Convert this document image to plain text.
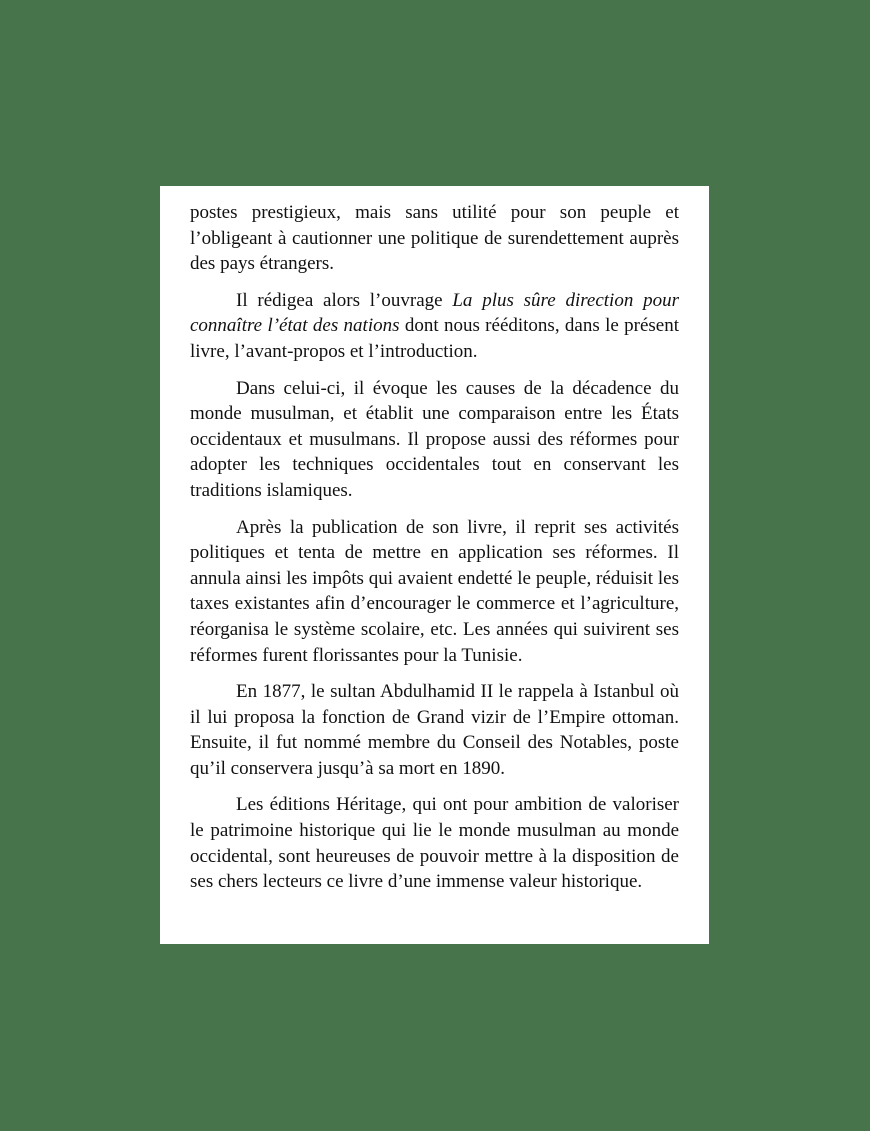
postes prestigieux, mais sans utilité pour son peuple et l’obligeant à cautionner une politique de surendettement auprès des pays étrangers.

Il rédigea alors l’ouvrage La plus sûre direction pour connaître l’état des nations dont nous rééditons, dans le présent livre, l’avant-propos et l’introduction.

Dans celui-ci, il évoque les causes de la décadence du monde musulman, et établit une comparaison entre les États occidentaux et musulmans. Il propose aussi des réformes pour adopter les techniques occidentales tout en conservant les traditions islamiques.

Après la publication de son livre, il reprit ses activités politiques et tenta de mettre en application ses réformes. Il annula ainsi les impôts qui avaient endetté le peuple, réduisit les taxes existantes afin d’encourager le commerce et l’agriculture, réorganisa le système scolaire, etc. Les années qui suivirent ses réformes furent florissantes pour la Tunisie.

En 1877, le sultan Abdulhamid II le rappela à Istanbul où il lui proposa la fonction de Grand vizir de l’Empire ottoman. Ensuite, il fut nommé membre du Conseil des Notables, poste qu’il conservera jusqu’à sa mort en 1890.

Les éditions Héritage, qui ont pour ambition de valoriser le patrimoine historique qui lie le monde musulman au monde occidental, sont heureuses de pouvoir mettre à la disposition de ses chers lecteurs ce livre d’une immense valeur historique.
